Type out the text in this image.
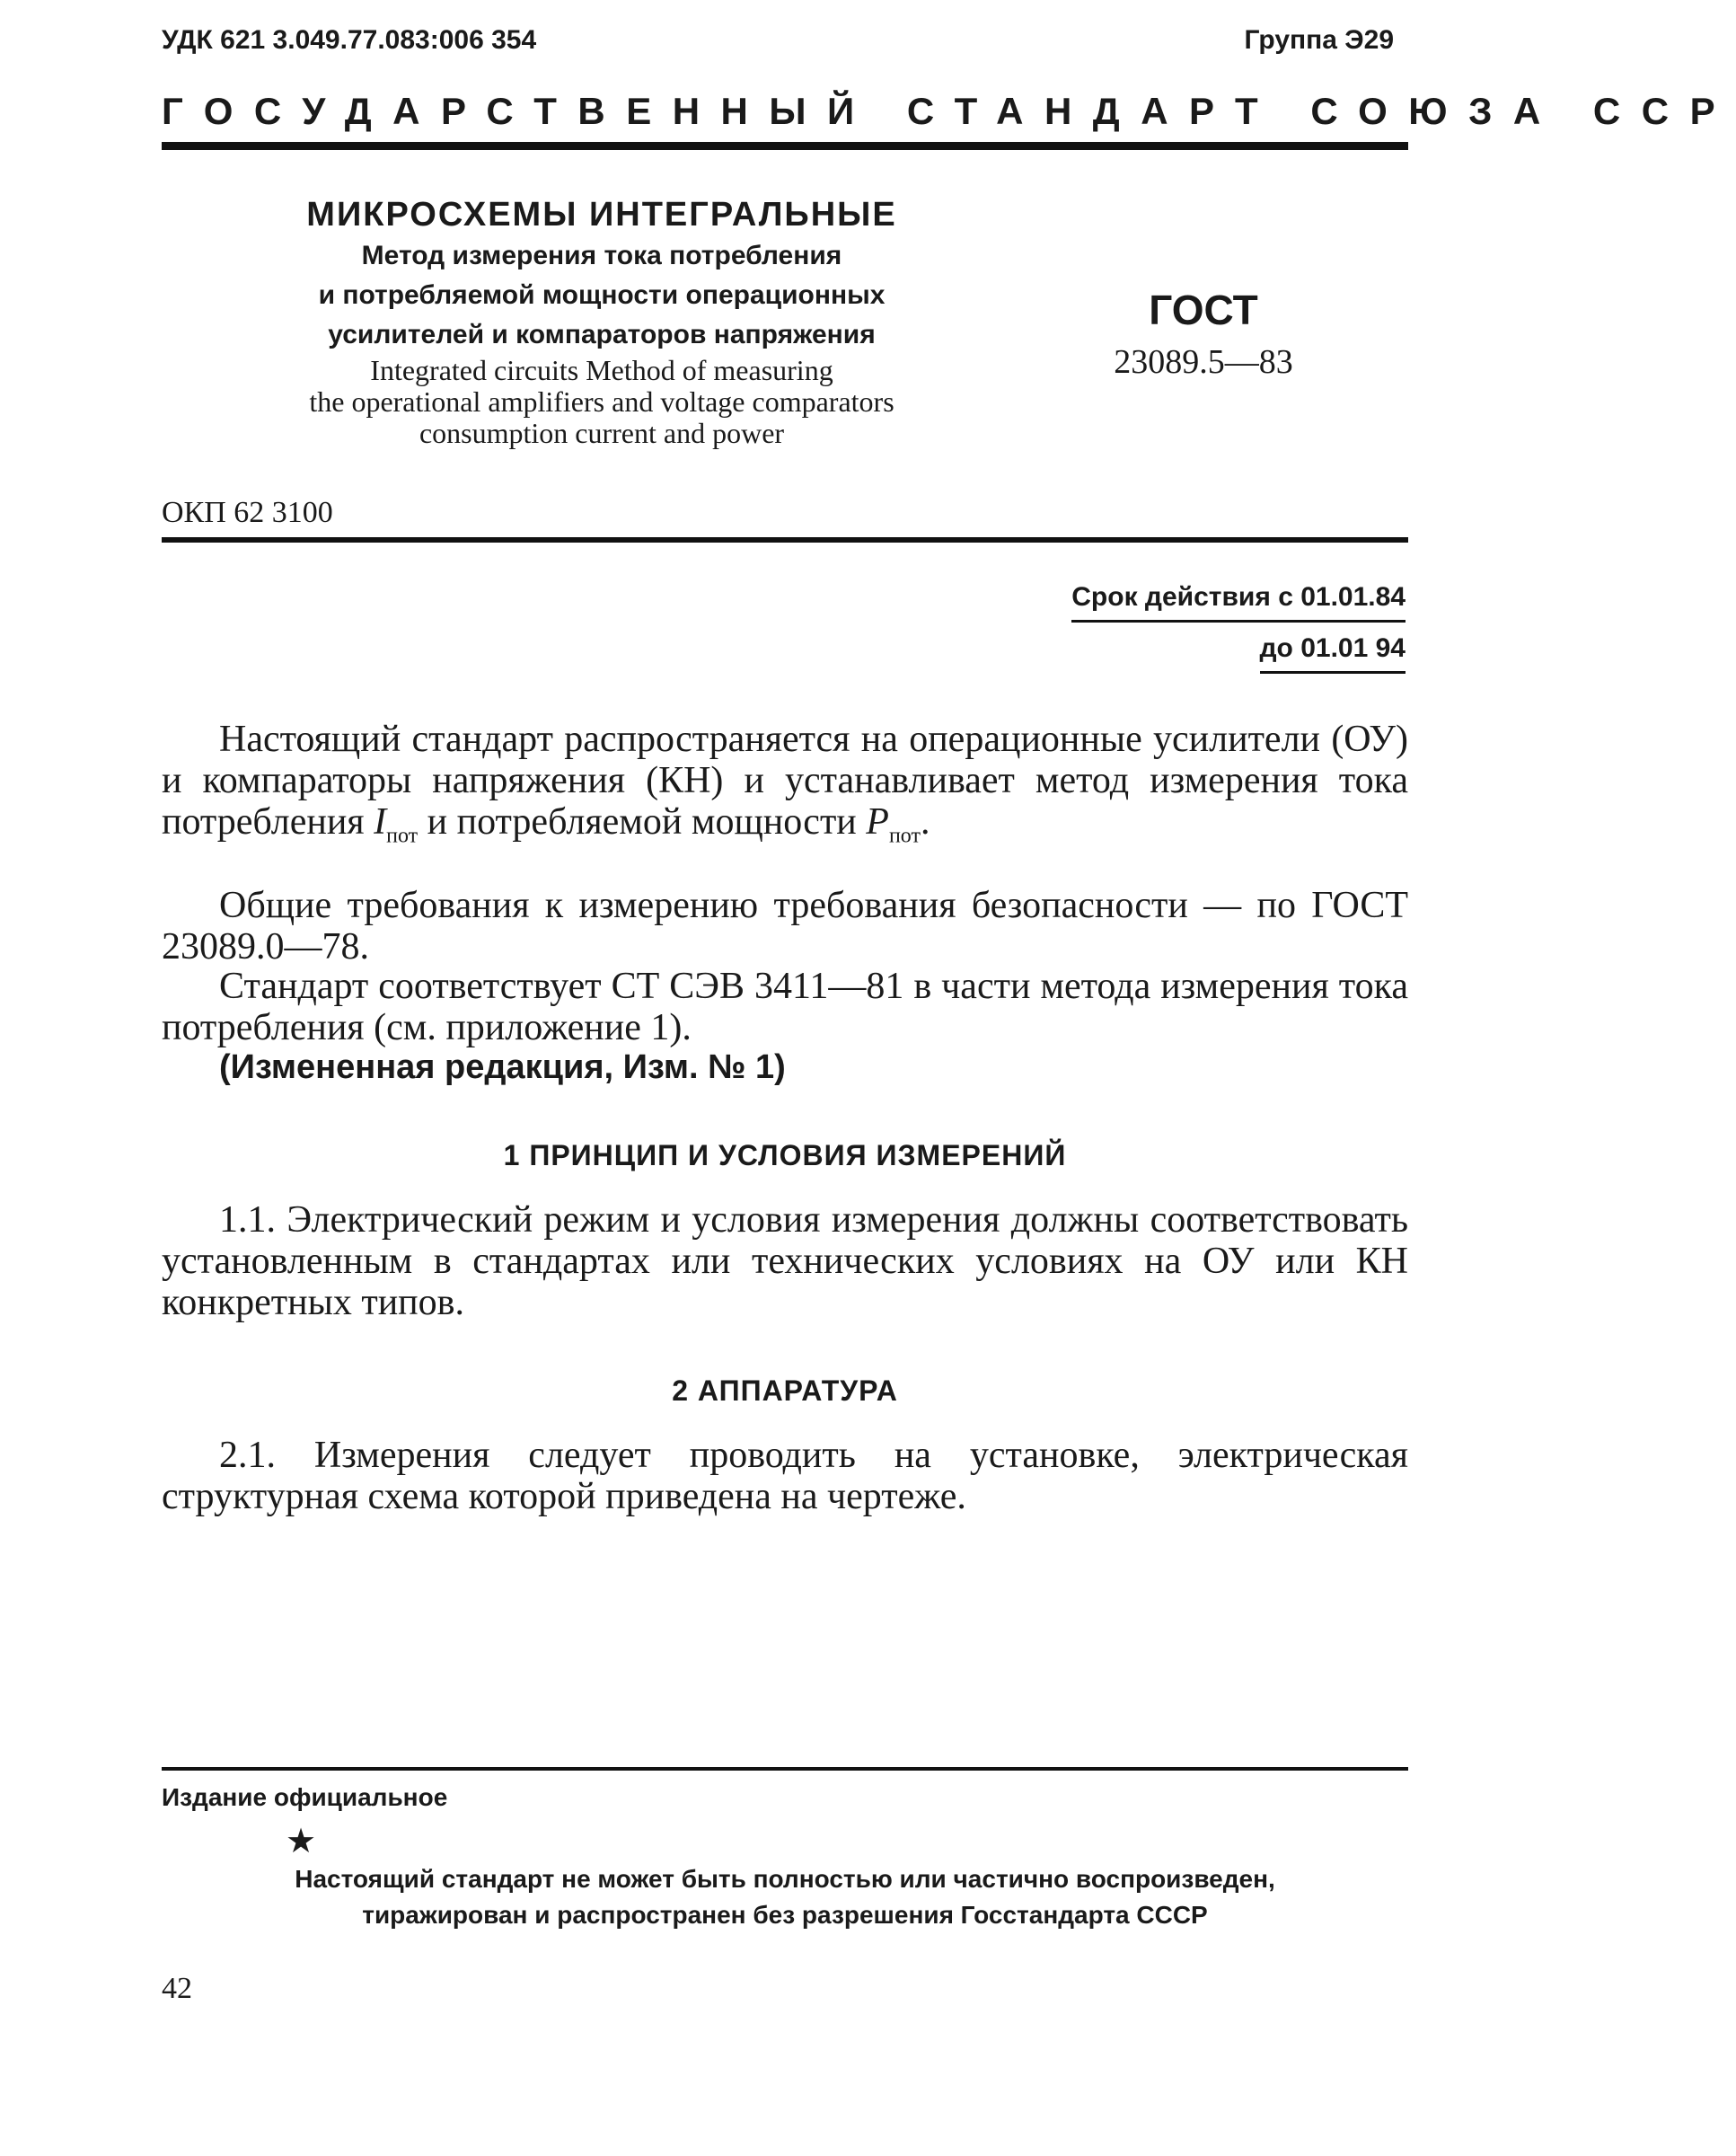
УДК 621 3.049.77.083:006 354	Группа Э29
ГОСУДАРСТВЕННЫЙ СТАНДАРТ СОЮЗА ССР
МИКРОСХЕМЫ ИНТЕГРАЛЬНЫЕ
Метод измерения тока потребления
и потребляемой мощности операционных
усилителей и компараторов напряжения
Integrated circuits Method of measuring
the operational amplifiers and voltage comparators
consumption current and power
ГОСТ
23089.5—83
ОКП 62 3100
Срок действия с 01.01.84
до 01.01 94
Настоящий стандарт распространяется на операционные усилители (ОУ) и компараторы напряжения (КН) и устанавливает метод измерения тока потребления $I_{пот}$ и потребляемой мощности $P_{пот}$.
Общие требования к измерению требования безопасности — по ГОСТ 23089.0—78.
Стандарт соответствует СТ СЭВ 3411—81 в части метода измерения тока потребления (см. приложение 1).
(Измененная редакция, Изм. № 1)
1 ПРИНЦИП И УСЛОВИЯ ИЗМЕРЕНИЙ
1.1. Электрический режим и условия измерения должны соответствовать установленным в стандартах или технических условиях на ОУ или КН конкретных типов.
2 АППАРАТУРА
2.1. Измерения следует проводить на установке, электрическая структурная схема которой приведена на чертеже.
Издание официальное
★
Настоящий стандарт не может быть полностью или частично воспроизведен,
тиражирован и распространен без разрешения Госстандарта СССР
42
